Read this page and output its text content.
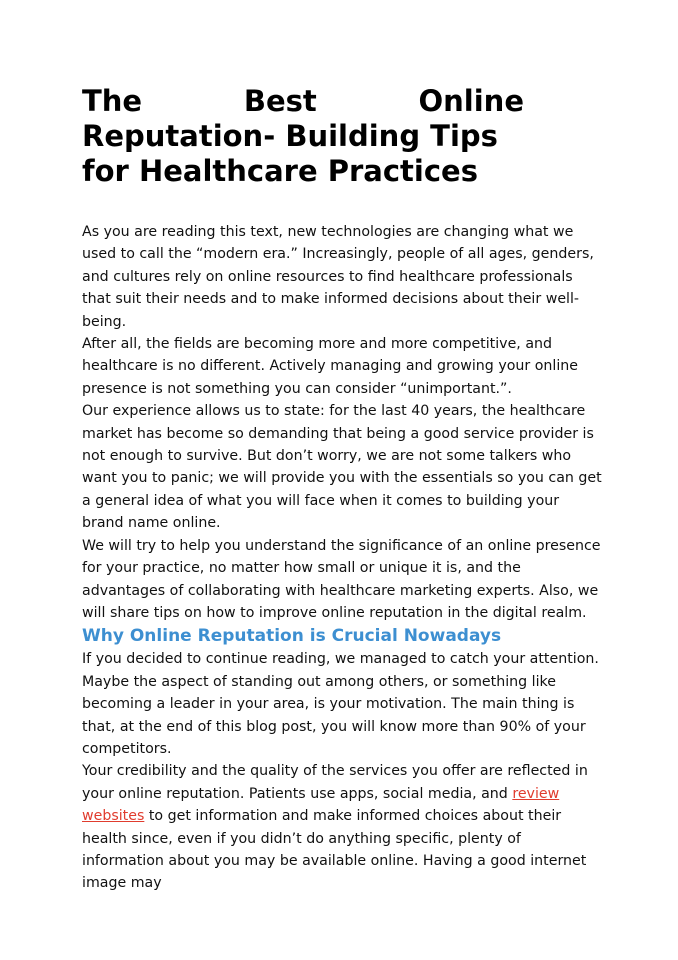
The Best Online
Reputation- Building Tips
for Healthcare Practices

As you are reading this text, new technologies are changing what we used to call the “modern era.” Increasingly, people of all ages, genders, and cultures rely on online resources to find healthcare professionals that suit their needs and to make informed decisions about their well-being.

After all, the fields are becoming more and more competitive, and healthcare is no different. Actively managing and growing your online presence is not something you can consider “unimportant.”.

Our experience allows us to state: for the last 40 years, the healthcare market has become so demanding that being a good service provider is not enough to survive. But don’t worry, we are not some talkers who want you to panic; we will provide you with the essentials so you can get a general idea of what you will face when it comes to building your brand name online.

We will try to help you understand the significance of an online presence for your practice, no matter how small or unique it is, and the advantages of collaborating with healthcare marketing experts. Also, we will share tips on how to improve online reputation in the digital realm.

Why Online Reputation is Crucial Nowadays

If you decided to continue reading, we managed to catch your attention. Maybe the aspect of standing out among others, or something like becoming a leader in your area, is your motivation. The main thing is

that, at the end of this blog post, you will know more than 90% of your competitors.

Your credibility and the quality of the services you offer are reflected in your online reputation. Patients use apps, social media, and review websites to get information and make informed choices about their health since, even if you didn’t do anything specific, plenty of information about you may be available online. Having a good internet image may
